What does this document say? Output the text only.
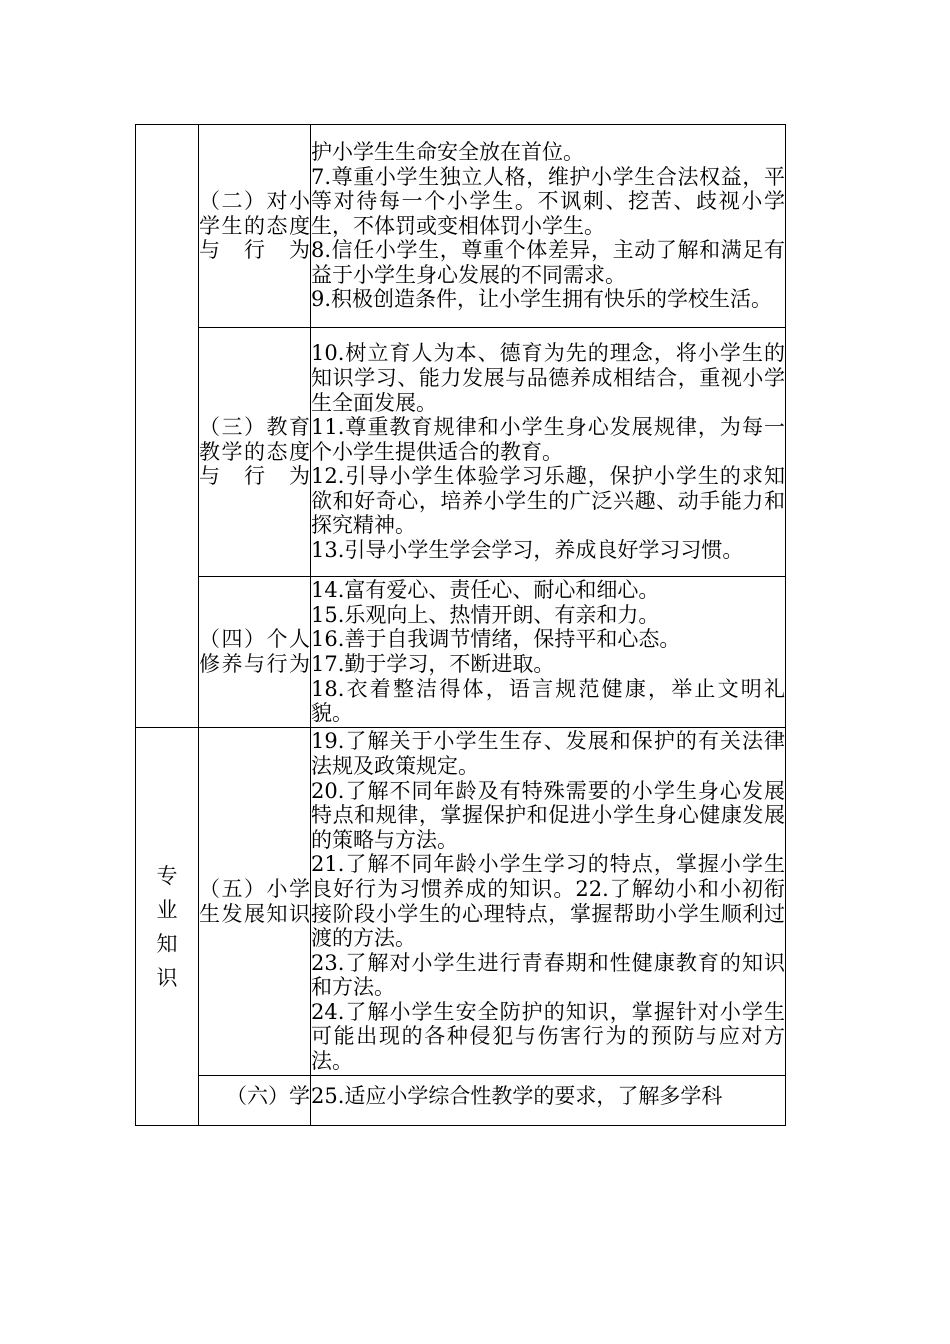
	（二）对小学生的态度与行为	护小学生生命安全放在首位。

7.尊重小学生独立人格，维护小学生合法权益，平等对待每一个小学生。不讽刺、挖苦、歧视小学生，不体罚或变相体罚小学生。

8.信任小学生，尊重个体差异，主动了解和满足有益于小学生身心发展的不同需求。

9.积极创造条件，让小学生拥有快乐的学校生活。

	（三）教育教学的态度与行为	10.树立育人为本、德育为先的理念，将小学生的知识学习、能力发展与品德养成相结合，重视小学生全面发展。

11.尊重教育规律和小学生身心发展规律，为每一个小学生提供适合的教育。

12.引导小学生体验学习乐趣，保护小学生的求知欲和好奇心，培养小学生的广泛兴趣、动手能力和探究精神。

13.引导小学生学会学习，养成良好学习习惯。

	（四）个人修养与行为	14.富有爱心、责任心、耐心和细心。

15.乐观向上、热情开朗、有亲和力。

16.善于自我调节情绪，保持平和心态。

17.勤于学习，不断进取。

18.衣着整洁得体，语言规范健康，举止文明礼貌。

专业知识	（五）小学生发展知识	19.了解关于小学生生存、发展和保护的有关法律法规及政策规定。

20.了解不同年龄及有特殊需要的小学生身心发展特点和规律，掌握保护和促进小学生身心健康发展的策略与方法。

21.了解不同年龄小学生学习的特点，掌握小学生良好行为习惯养成的知识。22.了解幼小和小初衔接阶段小学生的心理特点，掌握帮助小学生顺利过渡的方法。

23.了解对小学生进行青春期和性健康教育的知识和方法。

24.了解小学生安全防护的知识，掌握针对小学生可能出现的各种侵犯与伤害行为的预防与应对方法。

	（六）学	25.适应小学综合性教学的要求，了解多学科
